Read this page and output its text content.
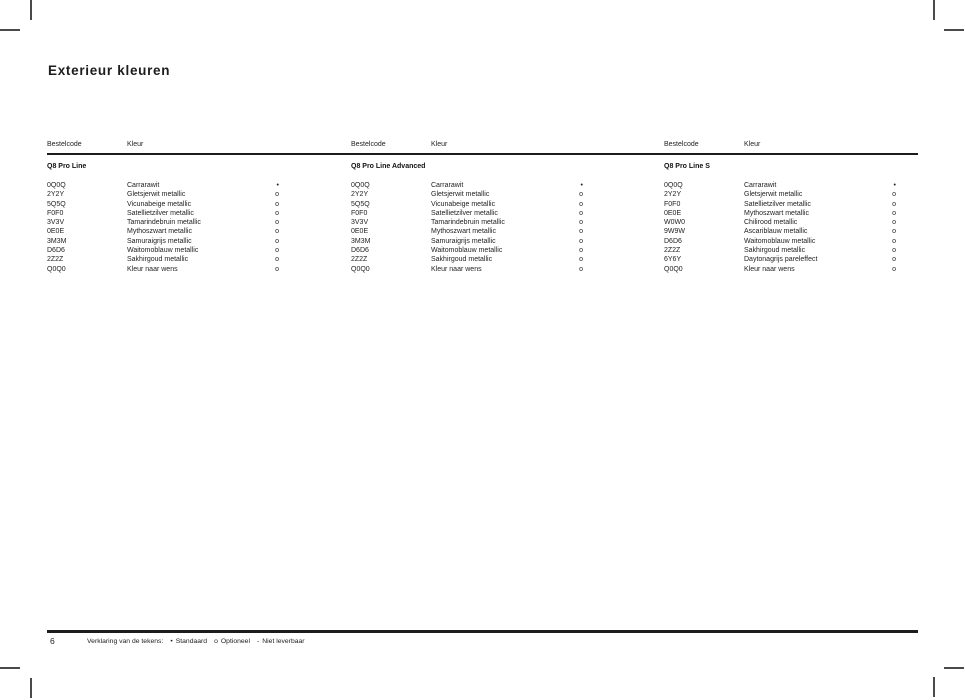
Exterieur kleuren
Bestelcode	Kleur	Bestelcode	Kleur	Bestelcode	Kleur
Q8 Pro Line
0Q0Q	Carrarawit	•
2Y2Y	Gletsjerwit metallic	o
5Q5Q	Vicunabeige metallic	o
F0F0	Satellietzilver metallic	o
3V3V	Tamarindebruin metallic	o
0E0E	Mythoszwart metallic	o
3M3M	Samuraigrijs metallic	o
D6D6	Waitomoblauw metallic	o
2Z2Z	Sakhirgoud metallic	o
Q0Q0	Kleur naar wens	o
Q8 Pro Line Advanced
0Q0Q	Carrarawit	•
2Y2Y	Gletsjerwit metallic	o
5Q5Q	Vicunabeige metallic	o
F0F0	Satellietzilver metallic	o
3V3V	Tamarindebruin metallic	o
0E0E	Mythoszwart metallic	o
3M3M	Samuraigrijs metallic	o
D6D6	Waitomoblauw metallic	o
2Z2Z	Sakhirgoud metallic	o
Q0Q0	Kleur naar wens	o
Q8 Pro Line S
0Q0Q	Carrarawit	•
2Y2Y	Gletsjerwit metallic	o
F0F0	Satellietzilver metallic	o
0E0E	Mythoszwart metallic	o
W0W0	Chilirood metallic	o
9W9W	Ascariblauw metallic	o
D6D6	Waitomoblauw metallic	o
2Z2Z	Sakhirgoud metallic	o
6Y6Y	Daytonagrijs pareleffect	o
Q0Q0	Kleur naar wens	o
6	Verklaring van de tekens: • Standaard o Optioneel - Niet leverbaar
